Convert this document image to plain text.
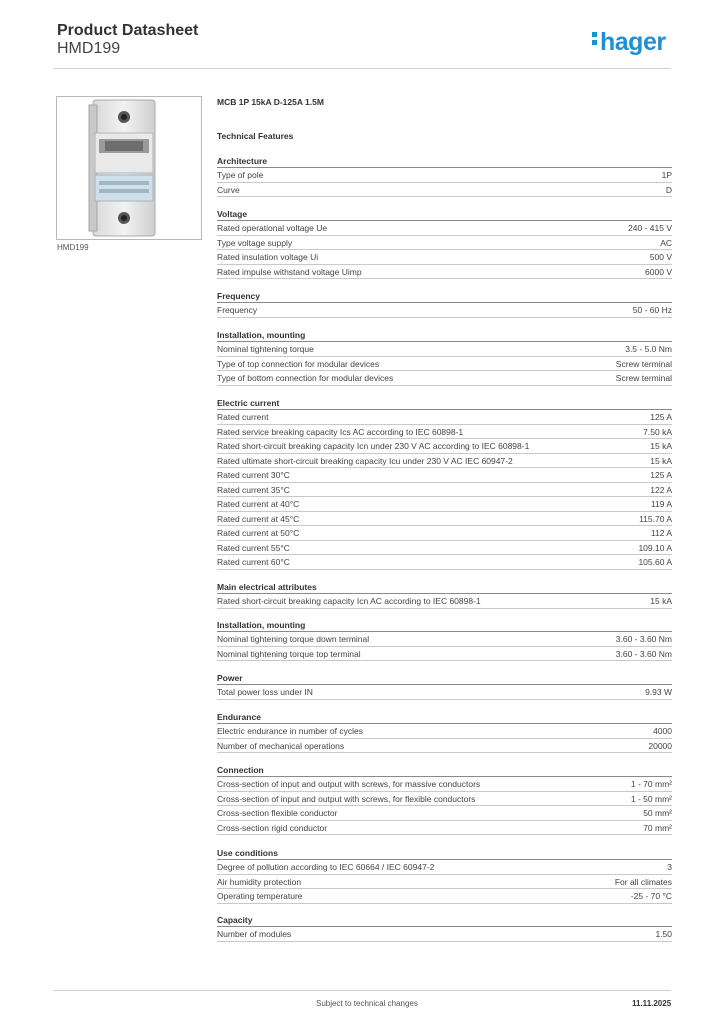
Product Datasheet
HMD199	hager
HMD199
MCB 1P 15kA D-125A 1.5M
Technical Features
Architecture
Type of pole	1P
Curve	D
Voltage
Rated operational voltage Ue	240 - 415 V
Type voltage supply	AC
Rated insulation voltage Ui	500 V
Rated impulse withstand voltage Uimp	6000 V
Frequency
Frequency	50 - 60 Hz
Installation, mounting
Nominal tightening torque	3.5 - 5.0 Nm
Type of top connection for modular devices	Screw terminal
Type of bottom connection for modular devices	Screw terminal
Electric current
Rated current	125 A
Rated service breaking capacity Ics AC according to IEC 60898-1	7.50 kA
Rated short-circuit breaking capacity Icn under 230 V AC according to IEC 60898-1	15 kA
Rated ultimate short-circuit breaking capacity Icu under 230 V AC IEC 60947-2	15 kA
Rated current 30°C	125 A
Rated current 35°C	122 A
Rated current at 40°C	119 A
Rated current at 45°C	115.70 A
Rated current at 50°C	112 A
Rated current 55°C	109.10 A
Rated current 60°C	105.60 A
Main electrical attributes
Rated short-circuit breaking capacity Icn AC according to IEC 60898-1	15 kA
Installation, mounting
Nominal tightening torque down terminal	3.60 - 3.60 Nm
Nominal tightening torque top terminal	3.60 - 3.60 Nm
Power
Total power loss under IN	9.93 W
Endurance
Electric endurance in number of cycles	4000
Number of mechanical operations	20000
Connection
Cross-section of input and output with screws, for massive conductors	1 - 70 mm²
Cross-section of input and output with screws, for flexible conductors	1 - 50 mm²
Cross-section flexible conductor	50 mm²
Cross-section rigid conductor	70 mm²
Use conditions
Degree of pollution according to IEC 60664 / IEC 60947-2	3
Air humidity protection	For all climates
Operating temperature	-25 - 70 °C
Capacity
Number of modules	1.50
Subject to technical changes	11.11.2025
